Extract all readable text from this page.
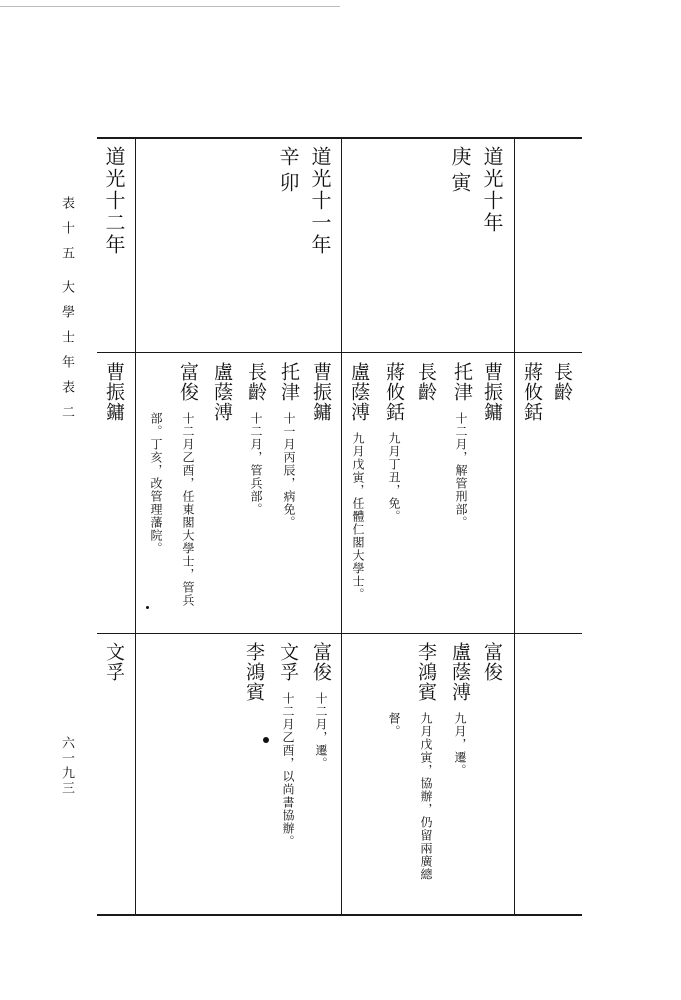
表十五
大學士年表二
六一九三
道光十年
庚寅
道光十一年
辛卯
道光十二年
長齡
蔣攸銛
曹振鏞
托津
十二月，解管刑部。
長齡
蔣攸銛
九月丁丑，免。
盧蔭溥
九月戊寅，任體仁閣大學士。
曹振鏞
托津
十一月丙辰，病免。
長齡
十二月，管兵部。
盧蔭溥
富俊
十二月乙酉，任東閣大學士，管兵
部。丁亥，改管理藩院。
曹振鏞
富俊
盧蔭溥
九月，遷。
李鴻賓
九月戊寅，協辦，仍留兩廣總
督。
富俊
十二月，遷。
文孚
十二月乙酉，以尚書協辦。
李鴻賓
文孚
